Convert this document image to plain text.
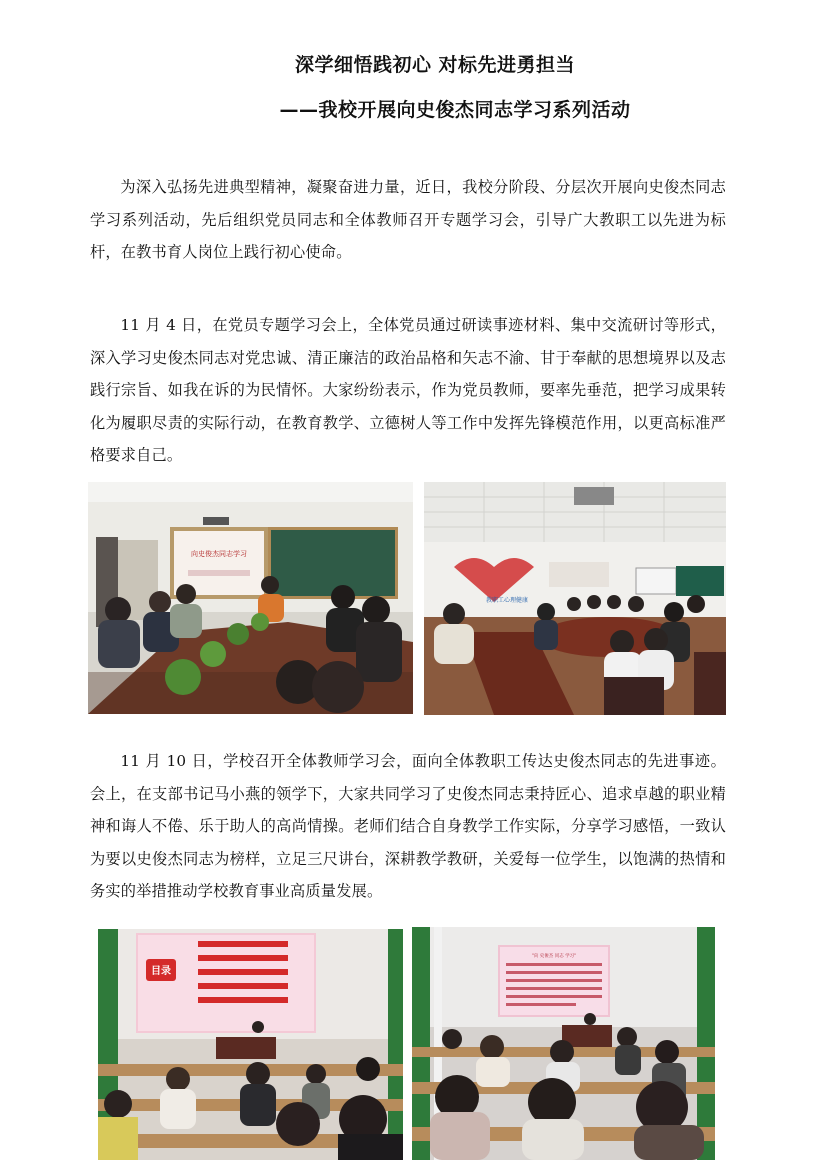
深学细悟践初心 对标先进勇担当
——我校开展向史俊杰同志学习系列活动

为深入弘扬先进典型精神，凝聚奋进力量，近日，我校分阶段、分层次开展向史俊杰同志学习系列活动，先后组织党员同志和全体教师召开专题学习会，引导广大教职工以先进为标杆，在教书育人岗位上践行初心使命。

11 月 4 日，在党员专题学习会上，全体党员通过研读事迹材料、集中交流研讨等形式，深入学习史俊杰同志对党忠诚、清正廉洁的政治品格和矢志不渝、甘于奉献的思想境界以及志践行宗旨、如我在诉的为民情怀。大家纷纷表示，作为党员教师，要率先垂范，把学习成果转化为履职尽责的实际行动，在教育教学、立德树人等工作中发挥先锋模范作用，以更高标准严格要求自己。

向史俊杰同志学习
教职工心理健康

11 月 10 日，学校召开全体教师学习会，面向全体教职工传达史俊杰同志的先进事迹。会上，在支部书记马小燕的领学下，大家共同学习了史俊杰同志秉持匠心、追求卓越的职业精神和诲人不倦、乐于助人的高尚情操。老师们结合自身教学工作实际，分享学习感悟，一致认为要以史俊杰同志为榜样，立足三尺讲台，深耕教学教研，关爱每一位学生，以饱满的热情和务实的举措推动学校教育事业高质量发展。

目录
"向 史俊杰 同志 学习"
